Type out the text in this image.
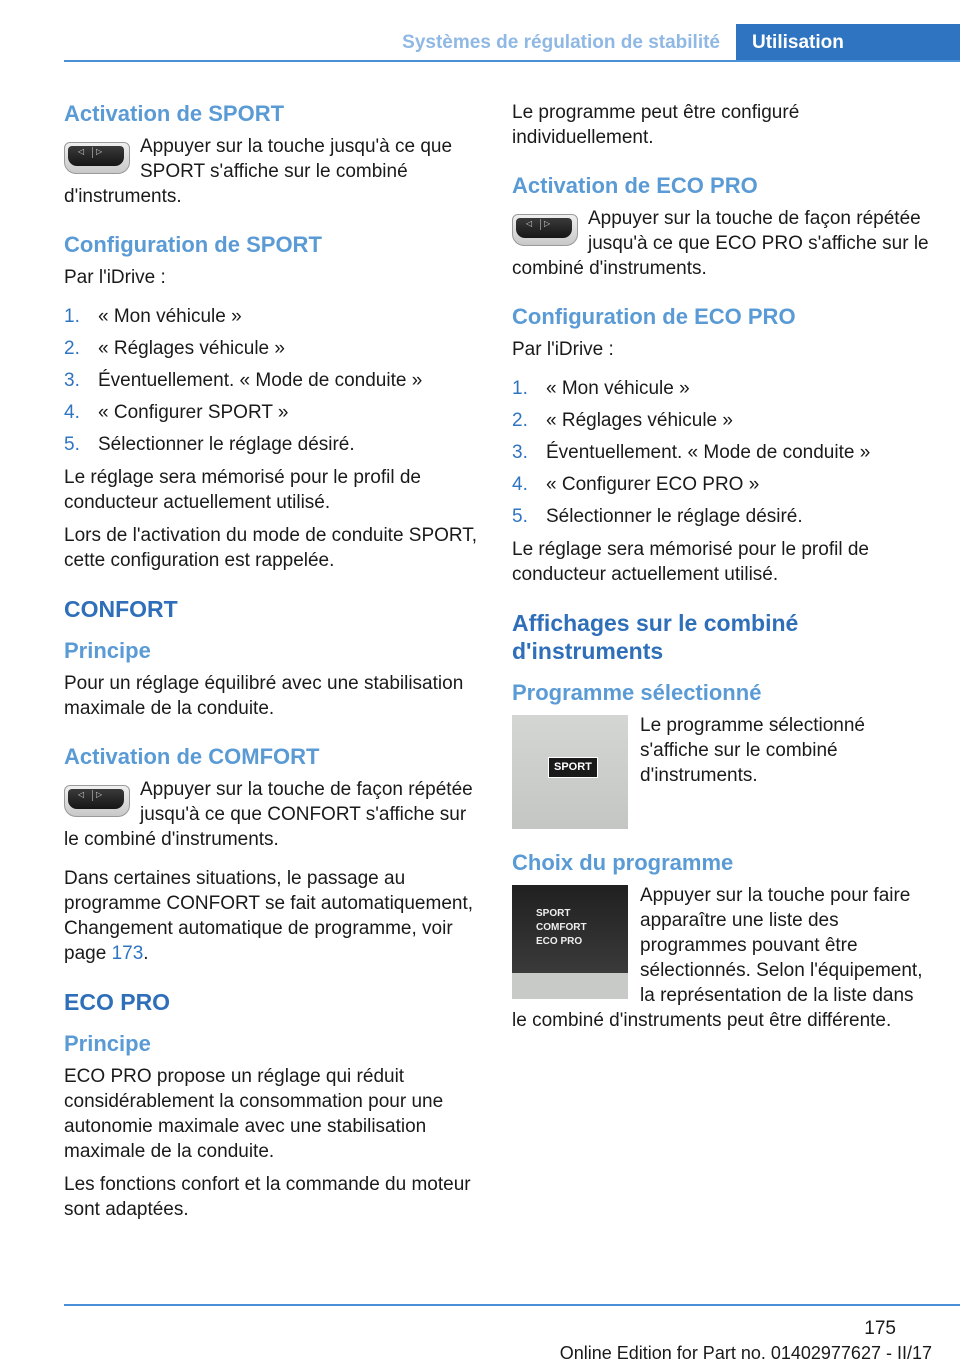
Systèmes de régulation de stabilité	Utilisation
Activation de SPORT
◁ ▷	Appuyer sur la touche jusqu'à ce que SPORT s'affiche sur le combiné d'instruments.

Configuration de SPORT

Par l'iDrive :

1. « Mon véhicule »
2. « Réglages véhicule »
3. Éventuellement. « Mode de conduite »
4. « Configurer SPORT »
5. Sélectionner le réglage désiré.

Le réglage sera mémorisé pour le profil de conducteur actuellement utilisé.

Lors de l'activation du mode de conduite SPORT, cette configuration est rappelée.

CONFORT
Principe

Pour un réglage équilibré avec une stabilisation maximale de la conduite.

Activation de COMFORT
◁ ▷	Appuyer sur la touche de façon répétée jusqu'à ce que CONFORT s'affiche sur le combiné d'instruments.

Dans certaines situations, le passage au programme CONFORT se fait automatiquement, Changement automatique de programme, voir page 173.

ECO PRO
Principe

ECO PRO propose un réglage qui réduit considérablement la consommation pour une autonomie maximale avec une stabilisation maximale de la conduite.

Les fonctions confort et la commande du moteur sont adaptées.

Le programme peut être configuré individuellement.

Activation de ECO PRO
◁ ▷	Appuyer sur la touche de façon répétée jusqu'à ce que ECO PRO s'affiche sur le combiné d'instruments.

Configuration de ECO PRO

Par l'iDrive :

1. « Mon véhicule »
2. « Réglages véhicule »
3. Éventuellement. « Mode de conduite »
4. « Configurer ECO PRO »
5. Sélectionner le réglage désiré.

Le réglage sera mémorisé pour le profil de conducteur actuellement utilisé.

Affichages sur le combiné d'instruments
Programme sélectionné
SPORT

Le programme sélectionné s'affiche sur le combiné d'instruments.

Choix du programme
SPORT
COMFORT
ECO PRO

Appuyer sur la touche pour faire apparaître une liste des programmes pouvant être sélectionnés. Selon l'équipement, la représentation de la liste dans le combiné d'instruments peut être différente.

175
Online Edition for Part no. 01402977627 - II/17
